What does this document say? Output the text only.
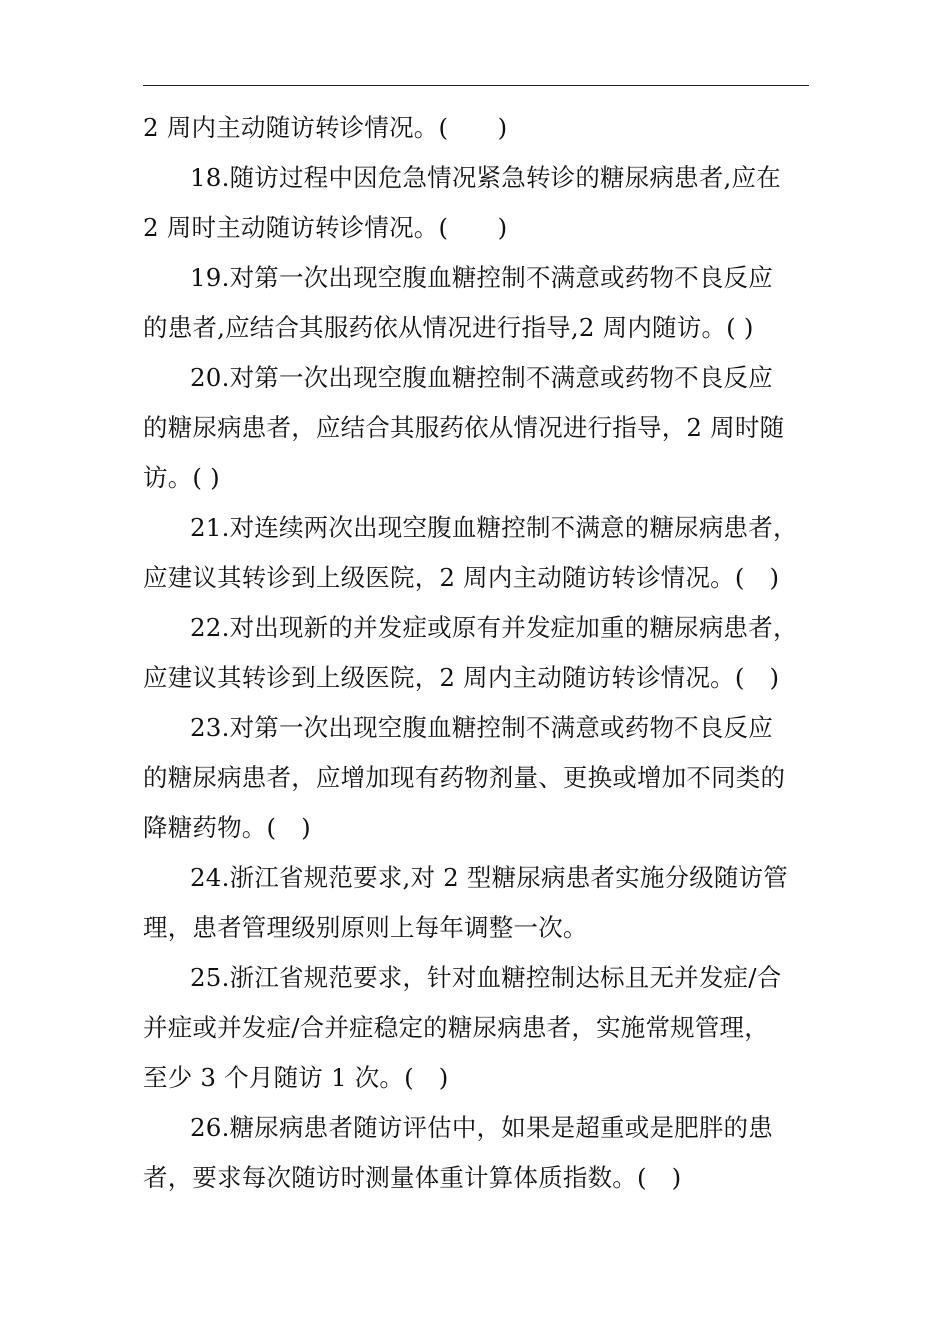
2 周内主动随访转诊情况。(  )
18.随访过程中因危急情况紧急转诊的糖尿病患者,应在
2 周时主动随访转诊情况。(  )
19.对第一次出现空腹血糖控制不满意或药物不良反应
的患者,应结合其服药依从情况进行指导,2 周内随访。( )
20.对第一次出现空腹血糖控制不满意或药物不良反应
的糖尿病患者，应结合其服药依从情况进行指导，2 周时随
访。( )
21.对连续两次出现空腹血糖控制不满意的糖尿病患者，
应建议其转诊到上级医院，2 周内主动随访转诊情况。(  )
22.对出现新的并发症或原有并发症加重的糖尿病患者，
应建议其转诊到上级医院，2 周内主动随访转诊情况。(  )
23.对第一次出现空腹血糖控制不满意或药物不良反应
的糖尿病患者，应增加现有药物剂量、更换或增加不同类的
降糖药物。(  )
24.浙江省规范要求,对 2 型糖尿病患者实施分级随访管
理，患者管理级别原则上每年调整一次。
25.浙江省规范要求，针对血糖控制达标且无并发症/合
并症或并发症/合并症稳定的糖尿病患者，实施常规管理，
至少 3 个月随访 1 次。(  )
26.糖尿病患者随访评估中，如果是超重或是肥胖的患
者，要求每次随访时测量体重计算体质指数。(  )
